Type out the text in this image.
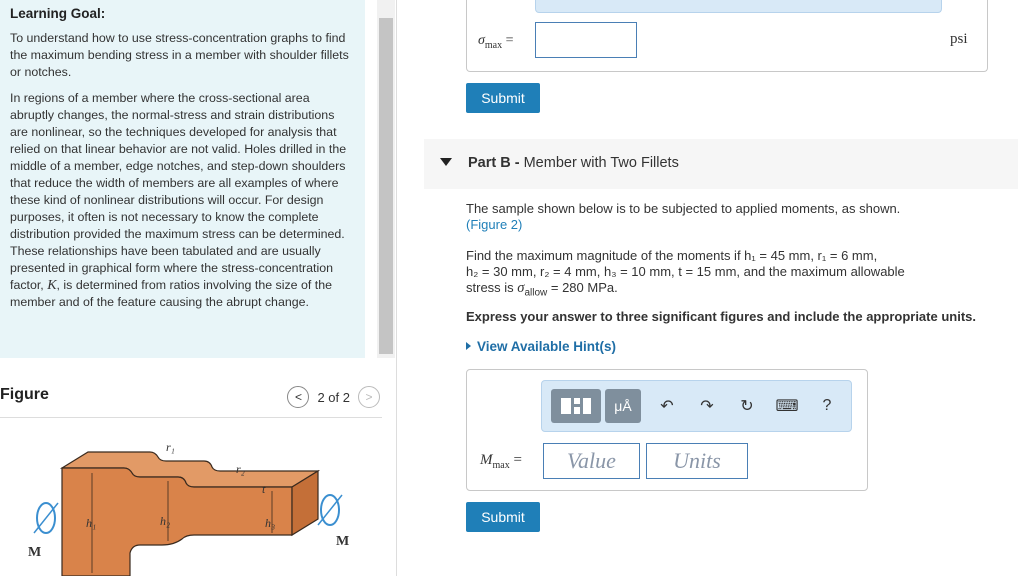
Learning Goal:

To understand how to use stress-concentration graphs to find the maximum bending stress in a member with shoulder fillets or notches.

In regions of a member where the cross-sectional area abruptly changes, the normal-stress and strain distributions are nonlinear, so the techniques developed for analysis that relied on that linear behavior are not valid. Holes drilled in the middle of a member, edge notches, and step-down shoulders that reduce the width of members are all examples of where these kind of nonlinear distributions will occur. For design purposes, it often is not necessary to know the complete distribution provided the maximum stress can be determined. These relationships have been tabulated and are usually presented in graphical form where the stress-concentration factor, K, is determined from ratios involving the size of the member and of the feature causing the abrupt change.

Figure	< 2 of 2 >
r₁
r₂
t
h₁	h₂	h₃
M
M
$\sigma_{max}$ =	psi
Submit
Part B - Member with Two Fillets
The sample shown below is to be subjected to applied moments, as shown.
(Figure 2)
Find the maximum magnitude of the moments if h₁ = 45 mm, r₁ = 6 mm,
h₂ = 30 mm, r₂ = 4 mm, h₃ = 10 mm, t = 15 mm, and the maximum allowable
stress is $\sigma_{allow} = 280$ MPa.
Express your answer to three significant figures and include the appropriate units.
View Available Hint(s)
μÅ ↶ ↷ ↻ ⌨ ?
$M_{max}$ =	Value	Units
Submit
